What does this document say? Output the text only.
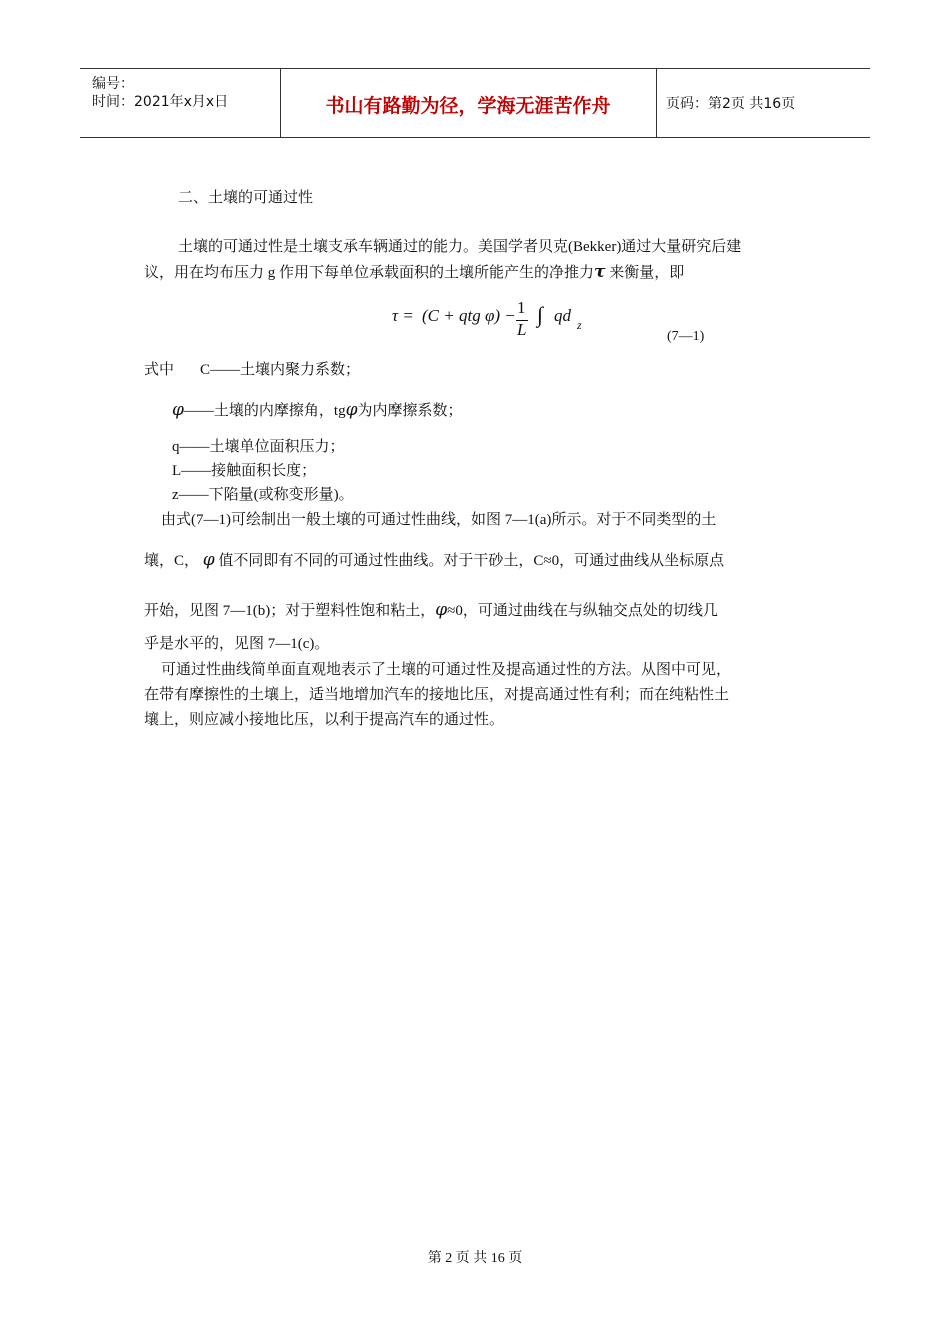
编号：
时间：2021年x月x日	书山有路勤为径，学海无涯苦作舟	页码：第2页 共16页
二、土壤的可通过性
土壤的可通过性是土壤支承车辆通过的能力。美国学者贝克(Bekker)通过大量研究后建
议，用在均布压力 g 作用下每单位承载面积的土壤所能产生的净推力τ 来衡量，即
τ = (C + qtg φ) − 1
L
∫ qd z
(7—1)
式中 C——土壤内聚力系数；
φ——土壤的内摩擦角，tgφ为内摩擦系数；
q——土壤单位面积压力；
L——接触面积长度；
z——下陷量(或称变形量)。
由式(7—1)可绘制出一般土壤的可通过性曲线，如图 7—1(a)所示。对于不同类型的土
壤，C， φ 值不同即有不同的可通过性曲线。对于干砂土，C≈0，可通过曲线从坐标原点
开始，见图 7—1(b)；对于塑料性饱和粘土，φ≈0，可通过曲线在与纵轴交点处的切线几
乎是水平的，见图 7—1(c)。
可通过性曲线简单面直观地表示了土壤的可通过性及提高通过性的方法。从图中可见，
在带有摩擦性的土壤上，适当地增加汽车的接地比压，对提高通过性有利；而在纯粘性土
壤上，则应减小接地比压，以利于提高汽车的通过性。
第 2 页 共 16 页
